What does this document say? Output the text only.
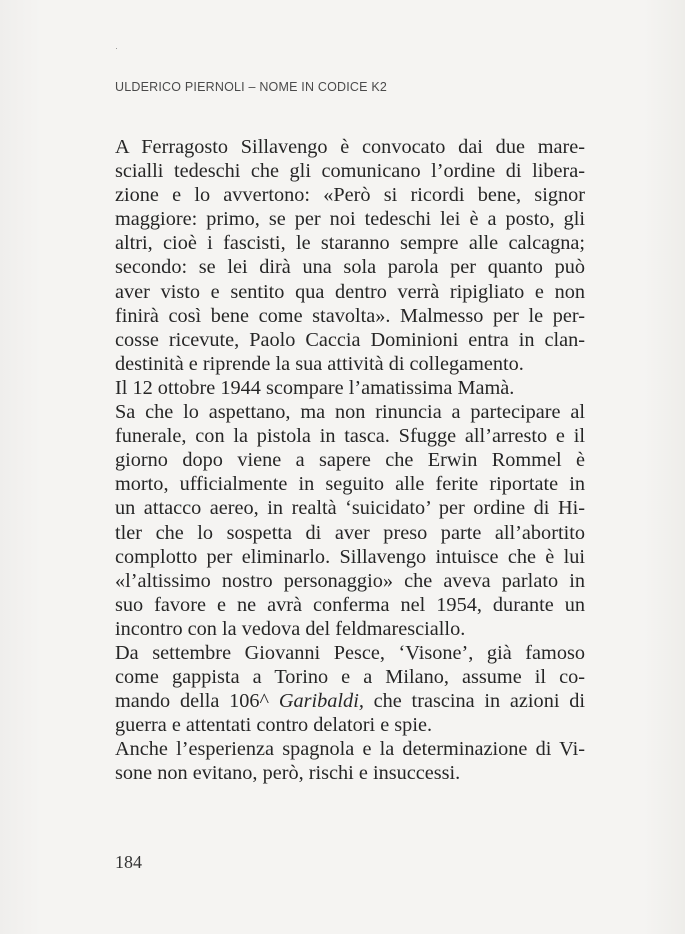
ULDERICO PIERNOLI – NOME IN CODICE K2

A Ferragosto Sillavengo è convocato dai due mare-
scialli tedeschi che gli comunicano l’ordine di libera-
zione e lo avvertono: «Però si ricordi bene, signor
maggiore: primo, se per noi tedeschi lei è a posto, gli
altri, cioè i fascisti, le staranno sempre alle calcagna;
secondo: se lei dirà una sola parola per quanto può
aver visto e sentito qua dentro verrà ripigliato e non
finirà così bene come stavolta». Malmesso per le per-
cosse ricevute, Paolo Caccia Dominioni entra in clan-
destinità e riprende la sua attività di collegamento.

Il 12 ottobre 1944 scompare l’amatissima Mamà.

Sa che lo aspettano, ma non rinuncia a partecipare al
funerale, con la pistola in tasca. Sfugge all’arresto e il
giorno dopo viene a sapere che Erwin Rommel è
morto, ufficialmente in seguito alle ferite riportate in
un attacco aereo, in realtà ‘suicidato’ per ordine di Hi-
tler che lo sospetta di aver preso parte all’abortito
complotto per eliminarlo. Sillavengo intuisce che è lui
«l’altissimo nostro personaggio» che aveva parlato in
suo favore e ne avrà conferma nel 1954, durante un
incontro con la vedova del feldmaresciallo.

Da settembre Giovanni Pesce, ‘Visone’, già famoso
come gappista a Torino e a Milano, assume il co-
mando della 106^ Garibaldi, che trascina in azioni di
guerra e attentati contro delatori e spie.

Anche l’esperienza spagnola e la determinazione di Vi-
sone non evitano, però, rischi e insuccessi.

184
